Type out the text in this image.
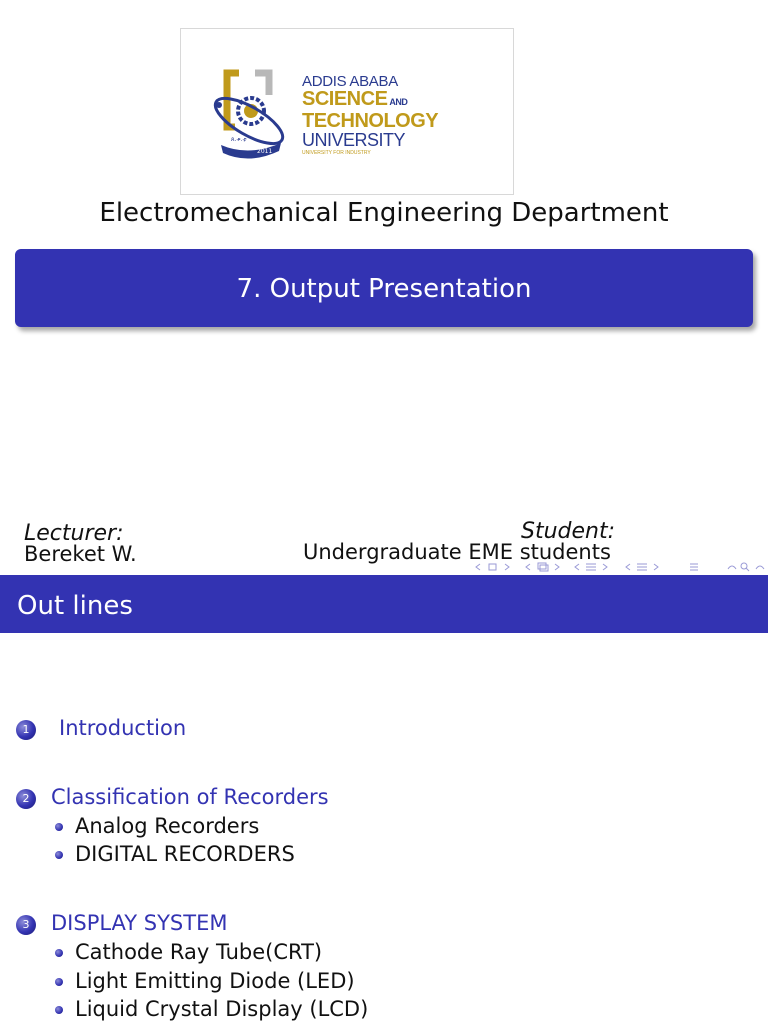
ጸ.ቱ.ቲ
2011
ADDIS ABABA
SCIENCE AND
TECHNOLOGY
UNIVERSITY
UNIVERSITY FOR INDUSTRY
Electromechanical Engineering Department
7. Output Presentation
Lecturer:
Bereket W.
Student:
Undergraduate EME students
Out lines
1	Introduction
2	Classification of Recorders
Analog Recorders
DIGITAL RECORDERS
3	DISPLAY SYSTEM
Cathode Ray Tube(CRT)
Light Emitting Diode (LED)
Liquid Crystal Display (LCD)
